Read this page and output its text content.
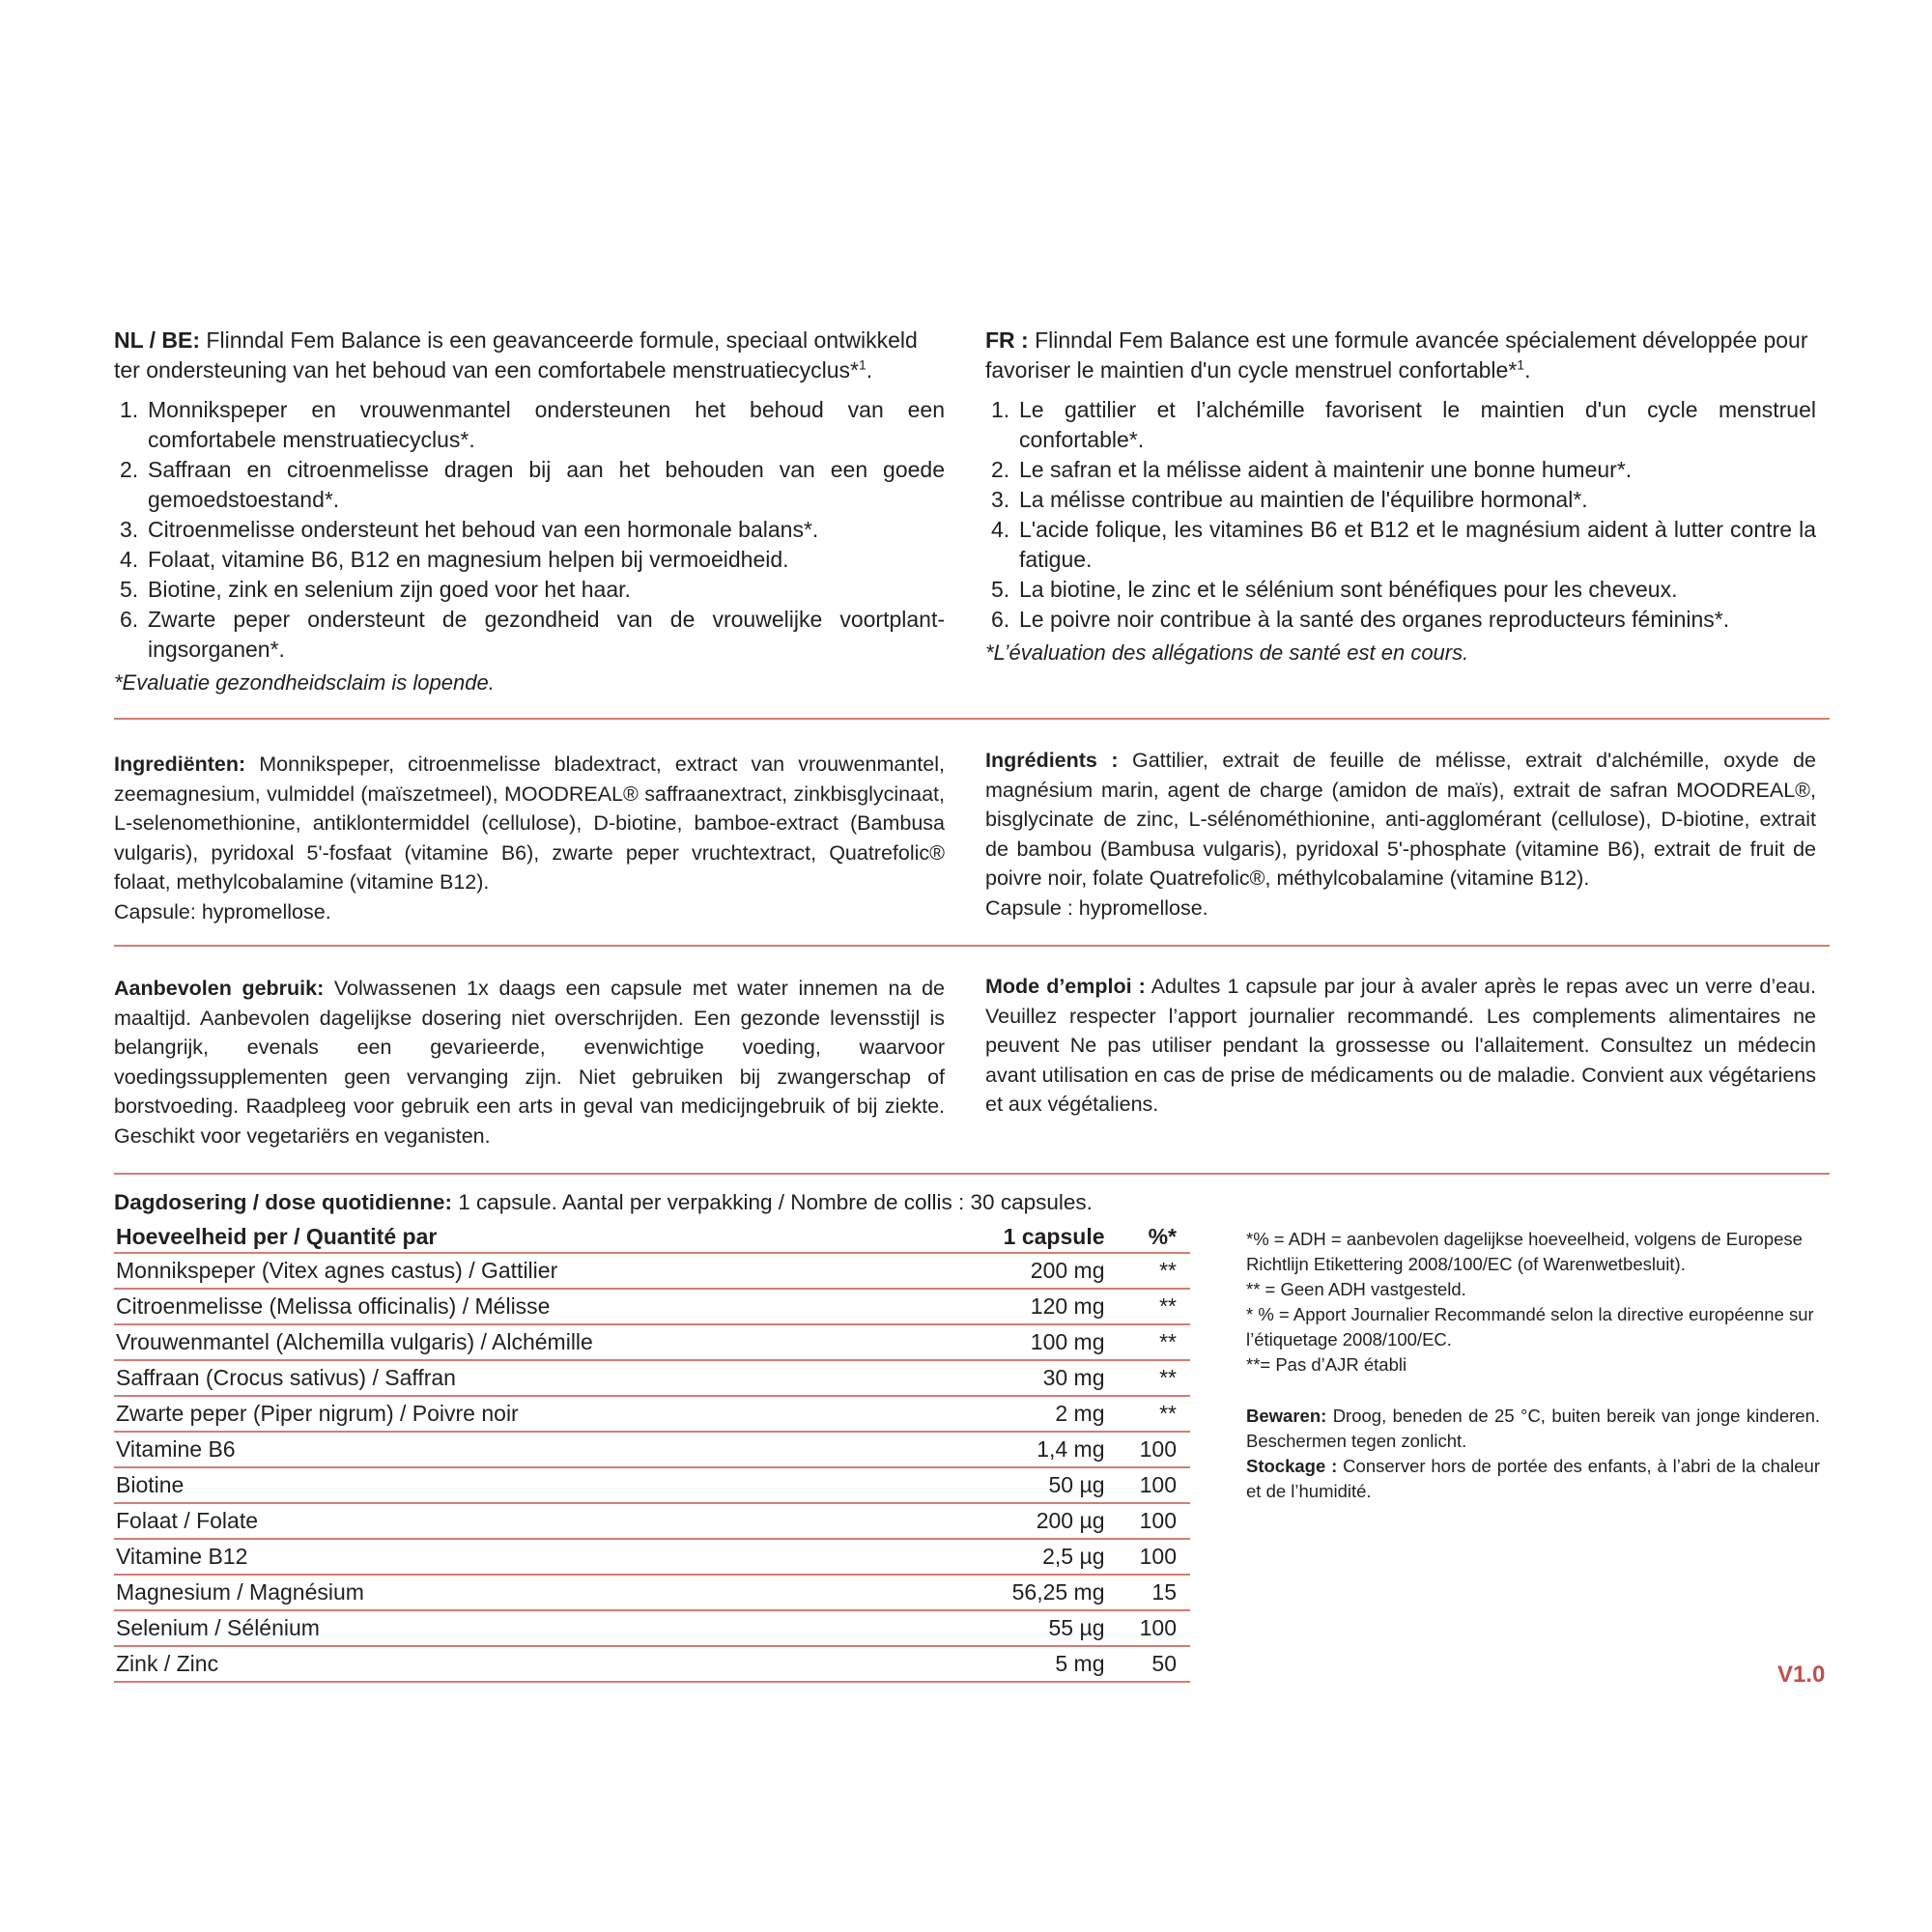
NL / BE: Flinndal Fem Balance is een geavanceerde formule, speciaal ontwikkeld ter ondersteuning van het behoud van een comfortabele menstruatiecyclus*$^1$.

1. Monnikspeper en vrouwenmantel ondersteunen het behoud van een comfortabele menstruatiecyclus*.
2. Saffraan en citroenmelisse dragen bij aan het behouden van een goede gemoedstoestand*.
3. Citroenmelisse ondersteunt het behoud van een hormonale balans*.
4. Folaat, vitamine B6, B12 en magnesium helpen bij vermoeidheid.
5. Biotine, zink en selenium zijn goed voor het haar.
6. Zwarte peper ondersteunt de gezondheid van de vrouwelijke voortplant-ingsorganen*.

*Evaluatie gezondheidsclaim is lopende.

FR : Flinndal Fem Balance est une formule avancée spécialement développée pour favoriser le maintien d'un cycle menstruel confortable*$^1$.

1. Le gattilier et l’alchémille favorisent le maintien d'un cycle menstruel confortable*.
2. Le safran et la mélisse aident à maintenir une bonne humeur*.
3. La mélisse contribue au maintien de l'équilibre hormonal*.
4. L'acide folique, les vitamines B6 et B12 et le magnésium aident à lutter contre la fatigue.
5. La biotine, le zinc et le sélénium sont bénéfiques pour les cheveux.
6. Le poivre noir contribue à la santé des organes reproducteurs féminins*.

*L’évaluation des allégations de santé est en cours.

Ingrediënten: Monnikspeper, citroenmelisse bladextract, extract van vrouwenmantel, zeemagnesium, vulmiddel (maïszetmeel), MOODREAL® saffraanextract, zinkbisglycinaat, L-selenomethionine, antiklontermiddel (cellulose), D-biotine, bamboe-extract (Bambusa vulgaris), pyridoxal 5'-fosfaat (vitamine B6), zwarte peper vruchtextract, Quatrefolic® folaat, methylcobalamine (vitamine B12).

Capsule: hypromellose.

Ingrédients : Gattilier, extrait de feuille de mélisse, extrait d'alchémille, oxyde de magnésium marin, agent de charge (amidon de maïs), extrait de safran MOODREAL®, bisglycinate de zinc, L-sélénométhionine, anti-agglomérant (cellulose), D-biotine, extrait de bambou (Bambusa vulgaris), pyridoxal 5'-phosphate (vitamine B6), extrait de fruit de poivre noir, folate Quatrefolic®, méthylcobalamine (vitamine B12).

Capsule : hypromellose.

Aanbevolen gebruik: Volwassenen 1x daags een capsule met water innemen na de maaltijd. Aanbevolen dagelijkse dosering niet overschrijden. Een gezonde levensstijl is belangrijk, evenals een gevarieerde, evenwichtige voeding, waarvoor voedingssupplementen geen vervanging zijn. Niet gebruiken bij zwangerschap of borstvoeding. Raadpleeg voor gebruik een arts in geval van medicijngebruik of bij ziekte. Geschikt voor vegetariërs en veganisten.

Mode d’emploi : Adultes 1 capsule par jour à avaler après le repas avec un verre d’eau. Veuillez respecter l’apport journalier recommandé. Les complements alimentaires ne peuvent Ne pas utiliser pendant la grossesse ou l'allaitement. Consultez un médecin avant utilisation en cas de prise de médicaments ou de maladie. Convient aux végétariens et aux végétaliens.

Dagdosering / dose quotidienne: 1 capsule. Aantal per verpakking / Nombre de collis : 30 capsules.
Hoeveelheid per / Quantité par	1 capsule	%*
Monnikspeper (Vitex agnes castus) / Gattilier	200 mg	**
Citroenmelisse (Melissa officinalis) / Mélisse	120 mg	**
Vrouwenmantel (Alchemilla vulgaris) / Alchémille	100 mg	**
Saffraan (Crocus sativus) / Saffran	30 mg	**
Zwarte peper (Piper nigrum) / Poivre noir	2 mg	**
Vitamine B6	1,4 mg	100
Biotine	50 µg	100
Folaat / Folate	200 µg	100
Vitamine B12	2,5 µg	100
Magnesium / Magnésium	56,25 mg	15
Selenium / Sélénium	55 µg	100
Zink / Zinc	5 mg	50

*% = ADH = aanbevolen dagelijkse hoeveelheid, volgens de Europese Richtlijn Etikettering 2008/100/EC (of Warenwetbesluit).

** = Geen ADH vastgesteld.

* % = Apport Journalier Recommandé selon la directive européenne sur l’étiquetage 2008/100/EC.

**= Pas d’AJR établi

Bewaren: Droog, beneden de 25 °C, buiten bereik van jonge kinderen. Beschermen tegen zonlicht.

Stockage : Conserver hors de portée des enfants, à l’abri de la chaleur et de l’humidité.

V1.0
